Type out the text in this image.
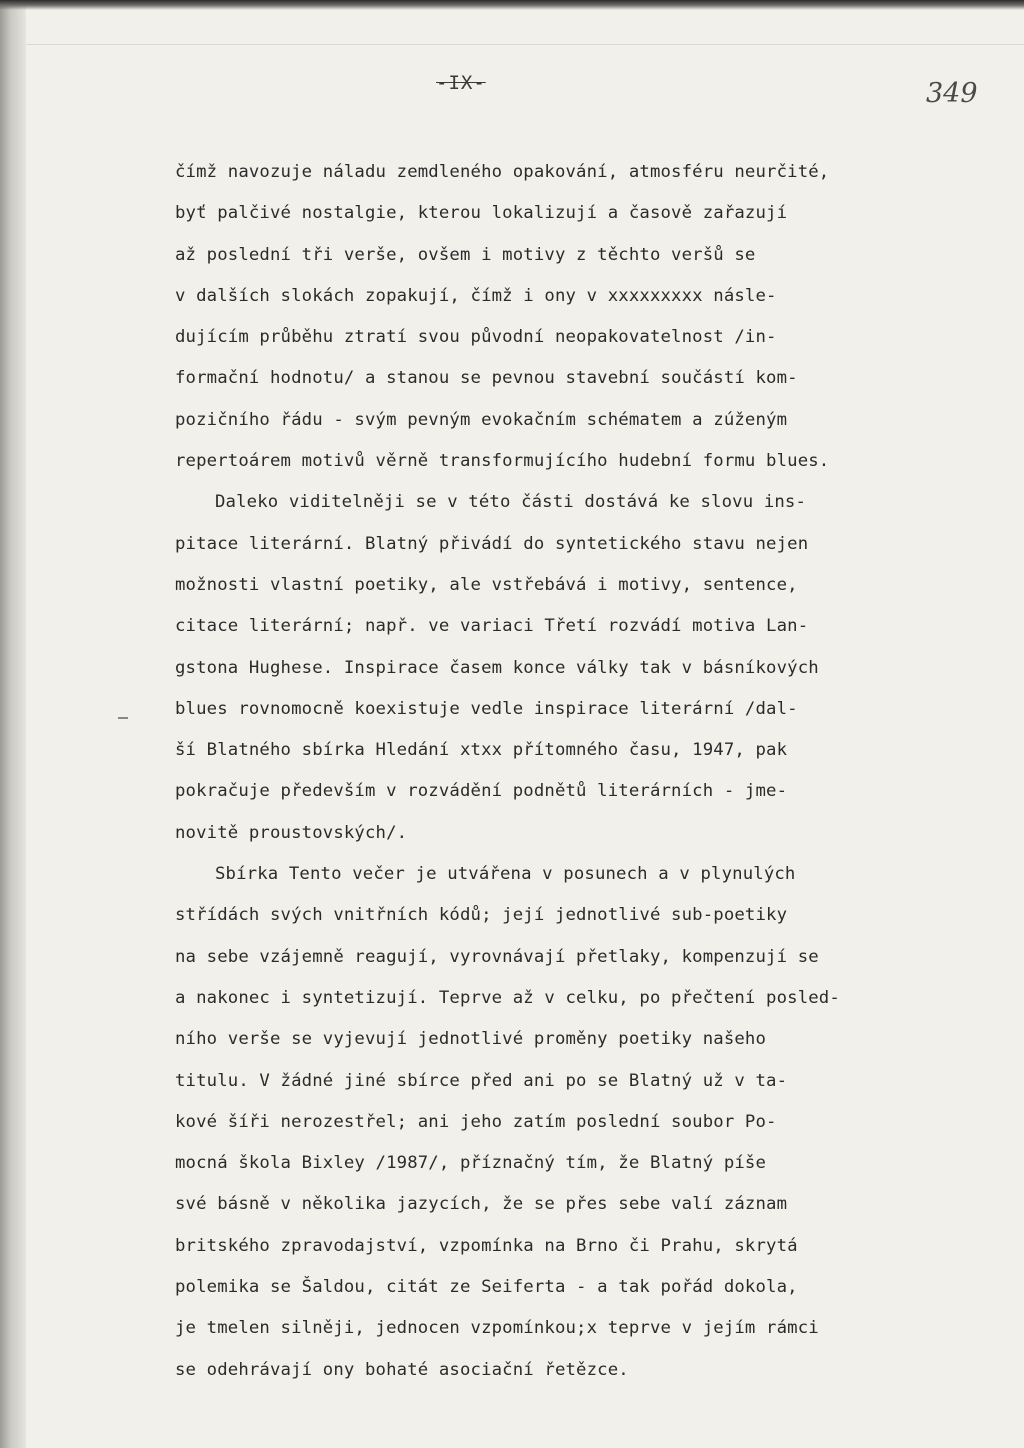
-IX-	349
čímž navozuje náladu zemdleného opakování, atmosféru neurčité,
byť palčivé nostalgie, kterou lokalizují a časově zařazují
až poslední tři verše, ovšem i motivy z těchto veršů se
v dalších slokách zopakují, čímž i ony v xxxxxxxxx násle-
dujícím průběhu ztratí svou původní neopakovatelnost /in-
formační hodnotu/ a stanou se pevnou stavební součástí kom-
pozičního řádu - svým pevným evokačním schématem a zúženým
repertoárem motivů věrně transformujícího hudební formu blues.
Daleko viditelněji se v této části dostává ke slovu ins-
pitace literární. Blatný přivádí do syntetického stavu nejen
možnosti vlastní poetiky, ale vstřebává i motivy, sentence,
citace literární; např. ve variaci Třetí rozvádí motiva Lan-
gstona Hughese. Inspirace časem konce války tak v básníkových
blues rovnomocně koexistuje vedle inspirace literární /dal-
ší Blatného sbírka Hledání xtxx přítomného času, 1947, pak
pokračuje především v rozvádění podnětů literárních - jme-
novitě proustovských/.
Sbírka Tento večer je utvářena v posunech a v plynulých
střídách svých vnitřních kódů; její jednotlivé sub-poetiky
na sebe vzájemně reagují, vyrovnávají přetlaky, kompenzují se
a nakonec i syntetizují. Teprve až v celku, po přečtení posled-
ního verše se vyjevují jednotlivé proměny poetiky našeho
titulu. V žádné jiné sbírce před ani po se Blatný už v ta-
kové šíři nerozestřel; ani jeho zatím poslední soubor Po-
mocná škola Bixley /1987/, příznačný tím, že Blatný píše
své básně v několika jazycích, že se přes sebe valí záznam
britského zpravodajství, vzpomínka na Brno či Prahu, skrytá
polemika se Šaldou, citát ze Seiferta - a tak pořád dokola,
je tmelen silněji, jednocen vzpomínkou;x teprve v jejím rámci
se odehrávají ony bohaté asociační řetězce.
